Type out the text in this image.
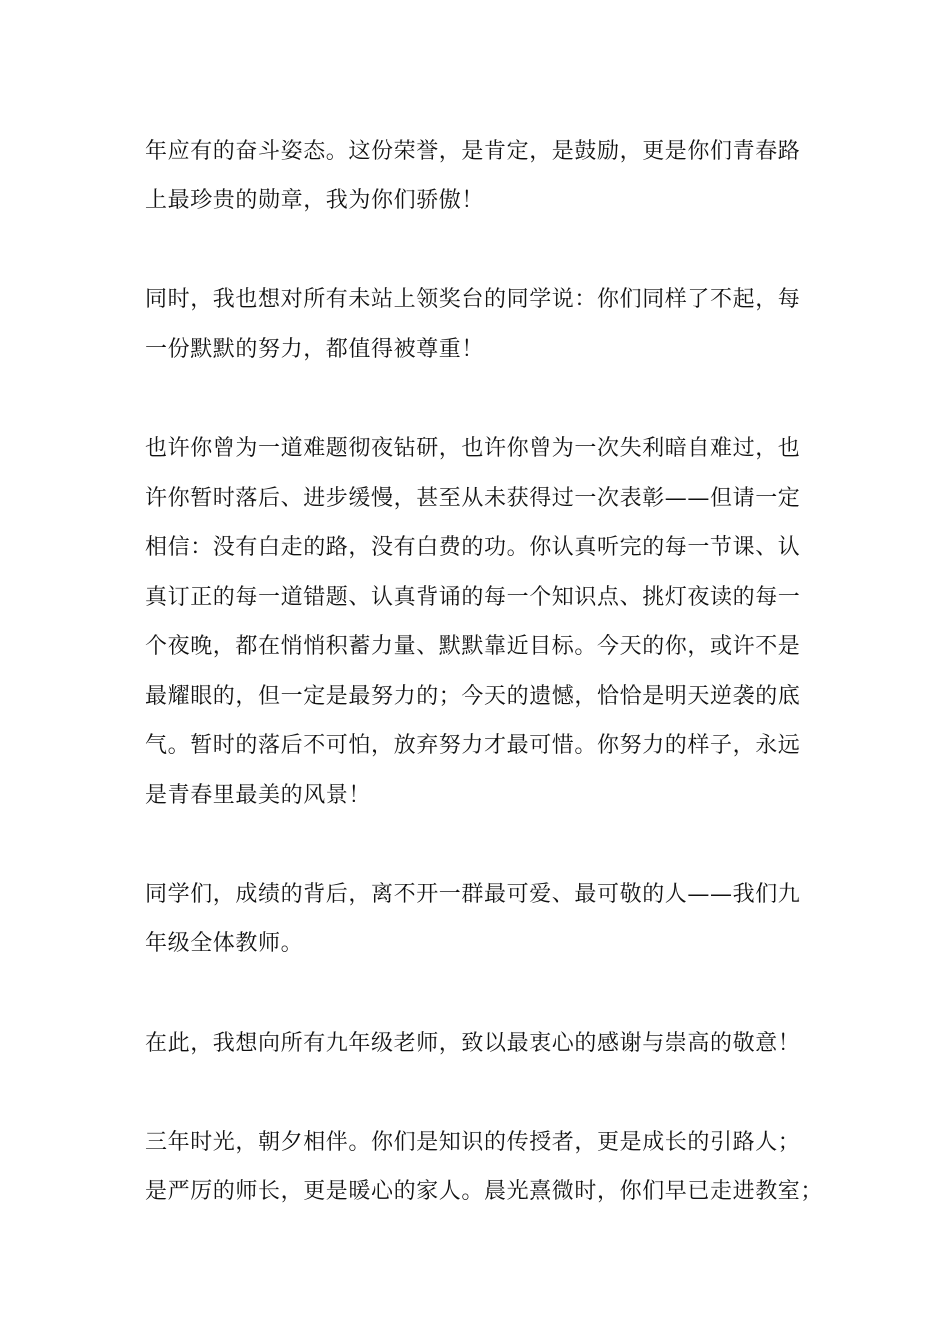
年应有的奋斗姿态。这份荣誉，是肯定，是鼓励，更是你们青春路

上最珍贵的勋章，我为你们骄傲！

同时，我也想对所有未站上领奖台的同学说：你们同样了不起，每

一份默默的努力，都值得被尊重！

也许你曾为一道难题彻夜钻研，也许你曾为一次失利暗自难过，也

许你暂时落后、进步缓慢，甚至从未获得过一次表彰——但请一定

相信：没有白走的路，没有白费的功。你认真听完的每一节课、认

真订正的每一道错题、认真背诵的每一个知识点、挑灯夜读的每一

个夜晚，都在悄悄积蓄力量、默默靠近目标。今天的你，或许不是

最耀眼的，但一定是最努力的；今天的遗憾，恰恰是明天逆袭的底

气。暂时的落后不可怕，放弃努力才最可惜。你努力的样子，永远

是青春里最美的风景！

同学们，成绩的背后，离不开一群最可爱、最可敬的人——我们九

年级全体教师。

在此，我想向所有九年级老师，致以最衷心的感谢与崇高的敬意！

三年时光，朝夕相伴。你们是知识的传授者，更是成长的引路人；

是严厉的师长，更是暖心的家人。晨光熹微时，你们早已走进教室；
